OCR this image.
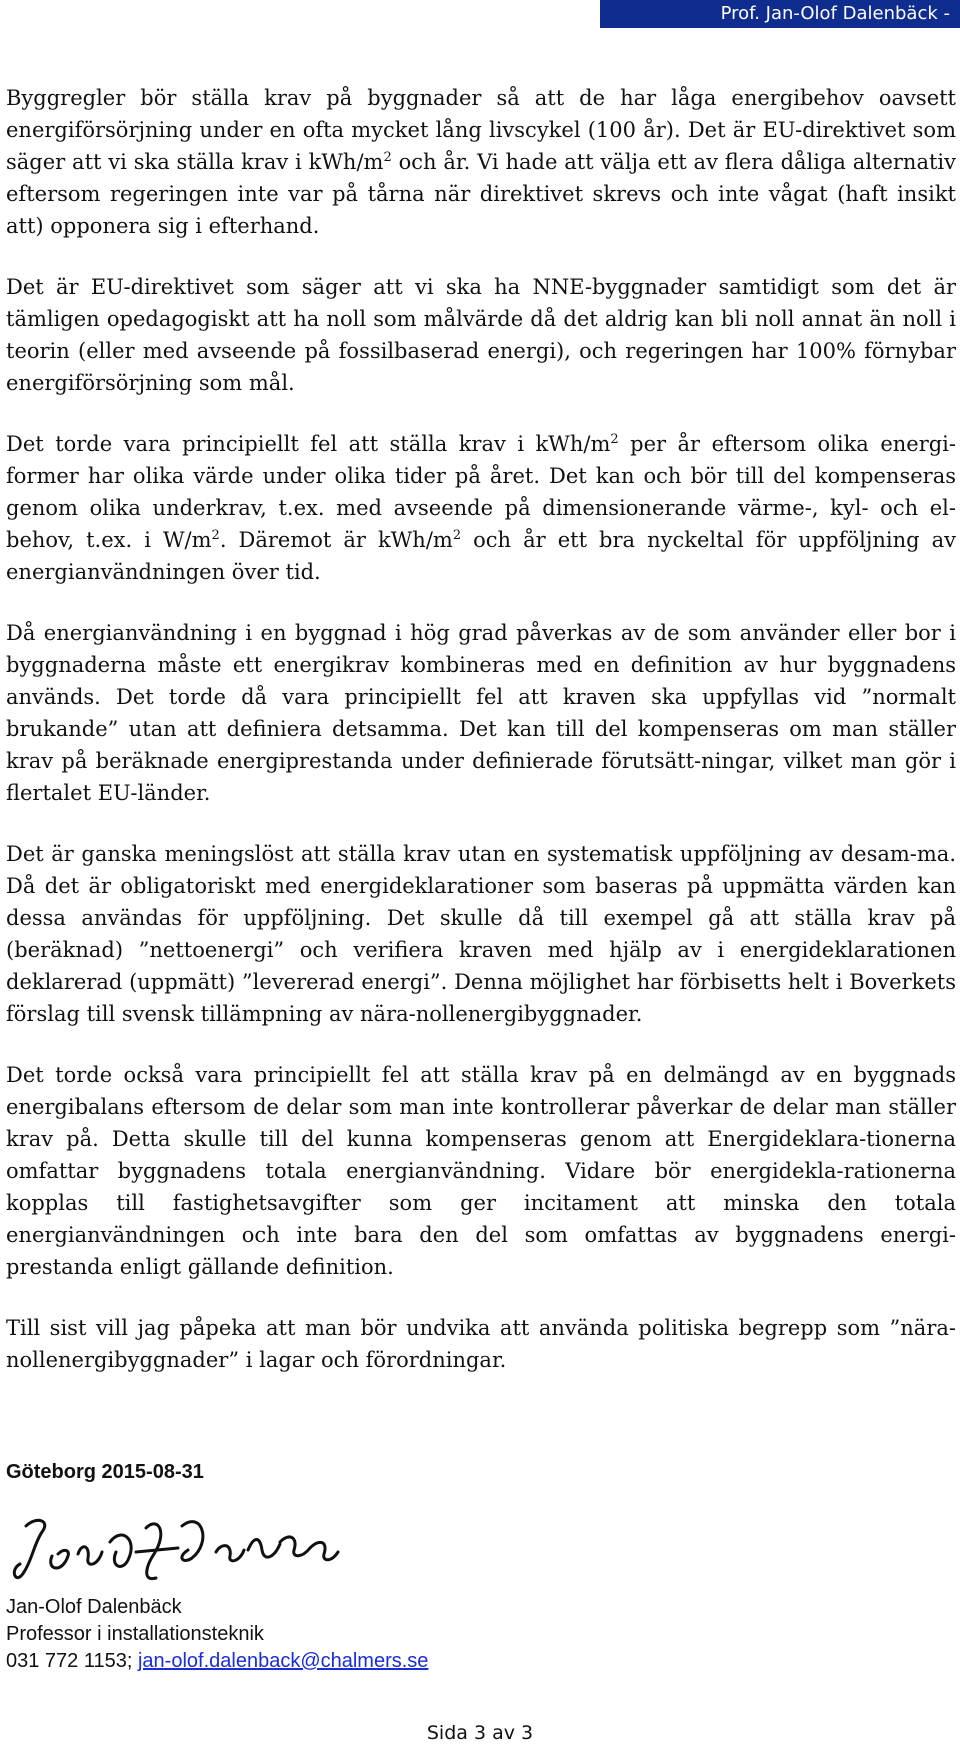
Prof. Jan-Olof Dalenbäck - M2015/2507/Ee

Byggregler bör ställa krav på byggnader så att de har låga energibehov oavsett energiförsörjning under en ofta mycket lång livscykel (100 år). Det är EU-direktivet som säger att vi ska ställa krav i kWh/$m^2$ och år. Vi hade att välja ett av flera dåliga alternativ eftersom regeringen inte var på tårna när direktivet skrevs och inte vågat (haft insikt att) opponera sig i efterhand.

Det är EU-direktivet som säger att vi ska ha NNE-byggnader samtidigt som det är tämligen opedagogiskt att ha noll som målvärde då det aldrig kan bli noll annat än noll i teorin (eller med avseende på fossilbaserad energi), och regeringen har 100% förnybar energiförsörjning som mål.

Det torde vara principiellt fel att ställa krav i kWh/$m^2$ per år eftersom olika energi-former har olika värde under olika tider på året. Det kan och bör till del kompenseras genom olika underkrav, t.ex. med avseende på dimensionerande värme-, kyl- och el-behov, t.ex. i $W/m^2$. Däremot är kWh/$m^2$ och år ett bra nyckeltal för uppföljning av energianvändningen över tid.

Då energianvändning i en byggnad i hög grad påverkas av de som använder eller bor i byggnaderna måste ett energikrav kombineras med en definition av hur byggnadens används. Det torde då vara principiellt fel att kraven ska uppfyllas vid ”normalt brukande” utan att definiera detsamma. Det kan till del kompenseras om man ställer krav på beräknade energiprestanda under definierade förutsätt-ningar, vilket man gör i flertalet EU-länder.

Det är ganska meningslöst att ställa krav utan en systematisk uppföljning av desam-ma. Då det är obligatoriskt med energideklarationer som baseras på uppmätta värden kan dessa användas för uppföljning. Det skulle då till exempel gå att ställa krav på (beräknad) ”nettoenergi” och verifiera kraven med hjälp av i energideklarationen deklarerad (uppmätt) ”levererad energi”. Denna möjlighet har förbisetts helt i Boverkets förslag till svensk tillämpning av nära-nollenergibyggnader.

Det torde också vara principiellt fel att ställa krav på en delmängd av en byggnads energibalans eftersom de delar som man inte kontrollerar påverkar de delar man ställer krav på. Detta skulle till del kunna kompenseras genom att Energideklara-tionerna omfattar byggnadens totala energianvändning. Vidare bör energidekla-rationerna kopplas till fastighetsavgifter som ger incitament att minska den totala energianvändningen och inte bara den del som omfattas av byggnadens energi-prestanda enligt gällande definition.

Till sist vill jag påpeka att man bör undvika att använda politiska begrepp som ”nära-nollenergibyggnader” i lagar och förordningar.

Göteborg 2015-08-31
Jan-Olof Dalenbäck
Professor i installationsteknik
031 772 1153; jan-olof.dalenback@chalmers.se
Sida 3 av 3
